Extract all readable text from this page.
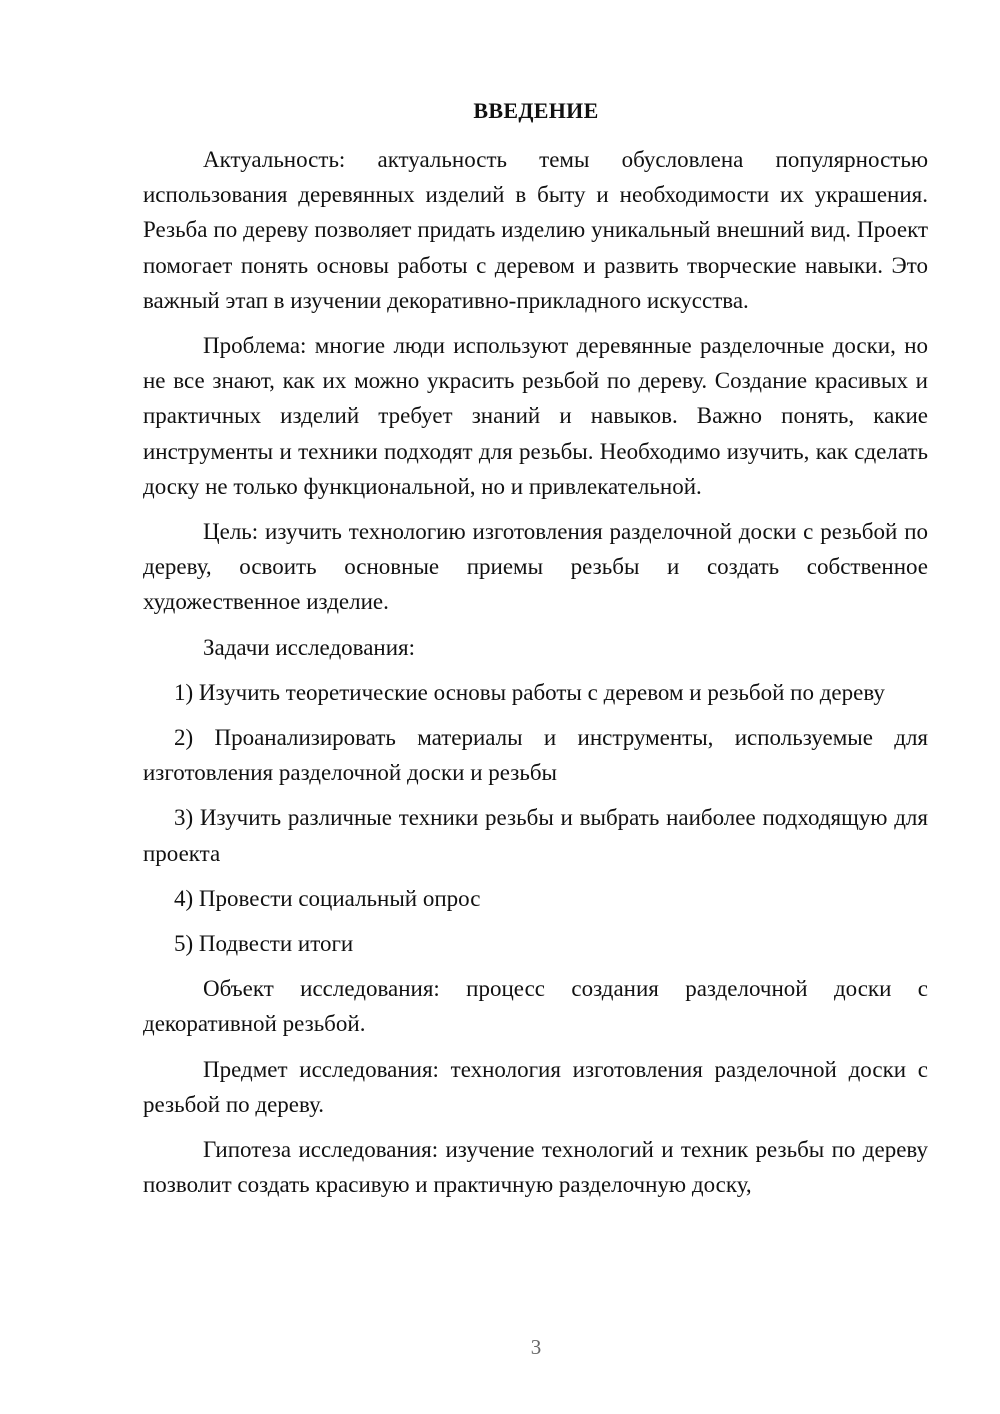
ВВЕДЕНИЕ

Актуальность: актуальность темы обусловлена популярностью использования деревянных изделий в быту и необходимости их украшения. Резьба по дереву позволяет придать изделию уникальный внешний вид. Проект помогает понять основы работы с деревом и развить творческие навыки. Это важный этап в изучении декоративно-прикладного искусства.

Проблема: многие люди используют деревянные разделочные доски, но не все знают, как их можно украсить резьбой по дереву. Создание красивых и практичных изделий требует знаний и навыков. Важно понять, какие инструменты и техники подходят для резьбы. Необходимо изучить, как сделать доску не только функциональной, но и привлекательной.

Цель: изучить технологию изготовления разделочной доски с резьбой по дереву, освоить основные приемы резьбы и создать собственное художественное изделие.

Задачи исследования:

1) Изучить теоретические основы работы с деревом и резьбой по дереву

2) Проанализировать материалы и инструменты, используемые для изготовления разделочной доски и резьбы

3) Изучить различные техники резьбы и выбрать наиболее подходящую для проекта

4) Провести социальный опрос

5) Подвести итоги

Объект исследования: процесс создания разделочной доски с декоративной резьбой.

Предмет исследования: технология изготовления разделочной доски с резьбой по дереву.

Гипотеза исследования: изучение технологий и техник резьбы по дереву позволит создать красивую и практичную разделочную доску,

3
